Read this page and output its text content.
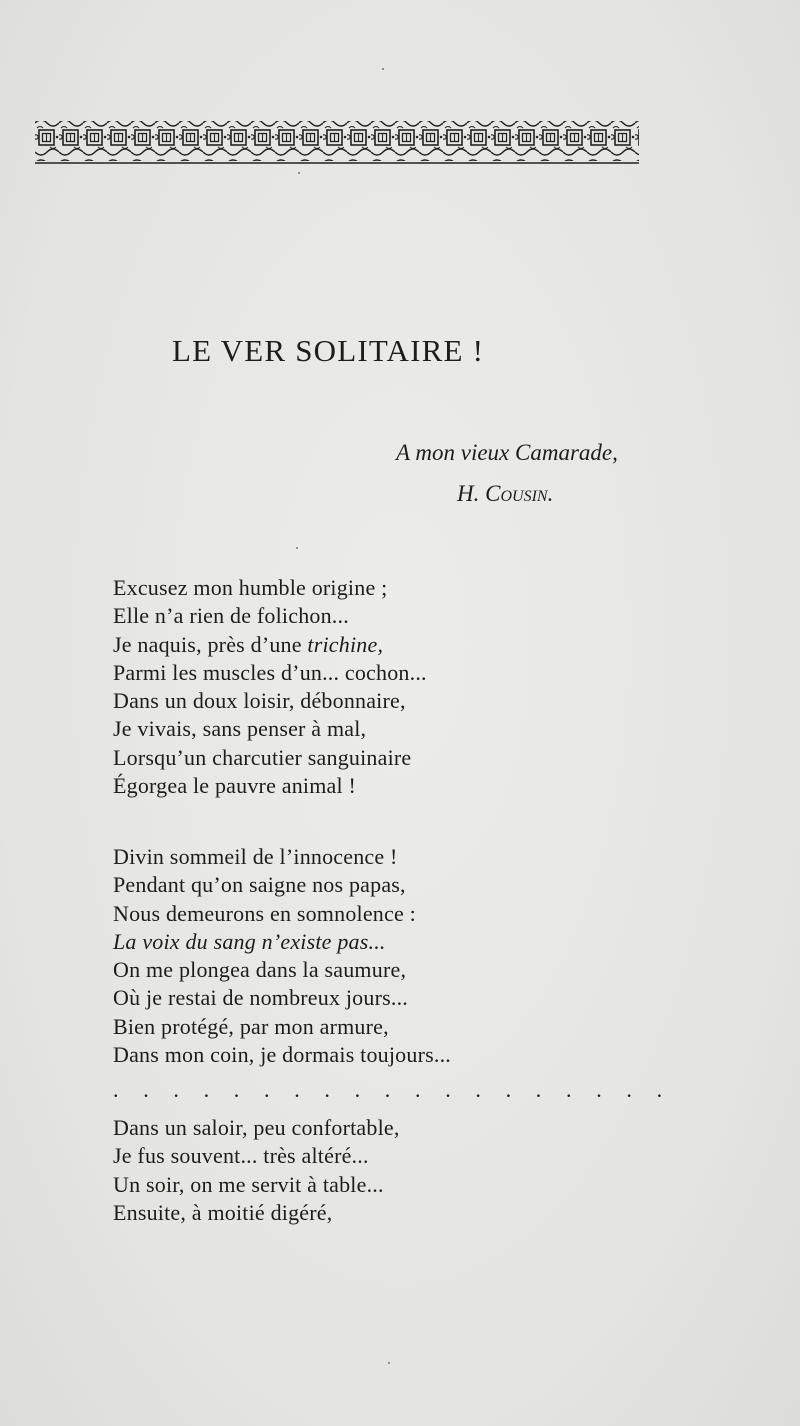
LE VER SOLITAIRE !
A mon vieux Camarade,
H. Cousin.
Excusez mon humble origine ;
Elle n’a rien de folichon...
Je naquis, près d’une trichine,
Parmi les muscles d’un... cochon...
Dans un doux loisir, débonnaire,
Je vivais, sans penser à mal,
Lorsqu’un charcutier sanguinaire
Égorgea le pauvre animal !
Divin sommeil de l’innocence !
Pendant qu’on saigne nos papas,
Nous demeurons en somnolence :
La voix du sang n’existe pas...
On me plongea dans la saumure,
Où je restai de nombreux jours...
Bien protégé, par mon armure,
Dans mon coin, je dormais toujours...
. . . . . . . . . . . . . . . . . . .
Dans un saloir, peu confortable,
Je fus souvent... très altéré...
Un soir, on me servit à table...
Ensuite, à moitié digéré,
